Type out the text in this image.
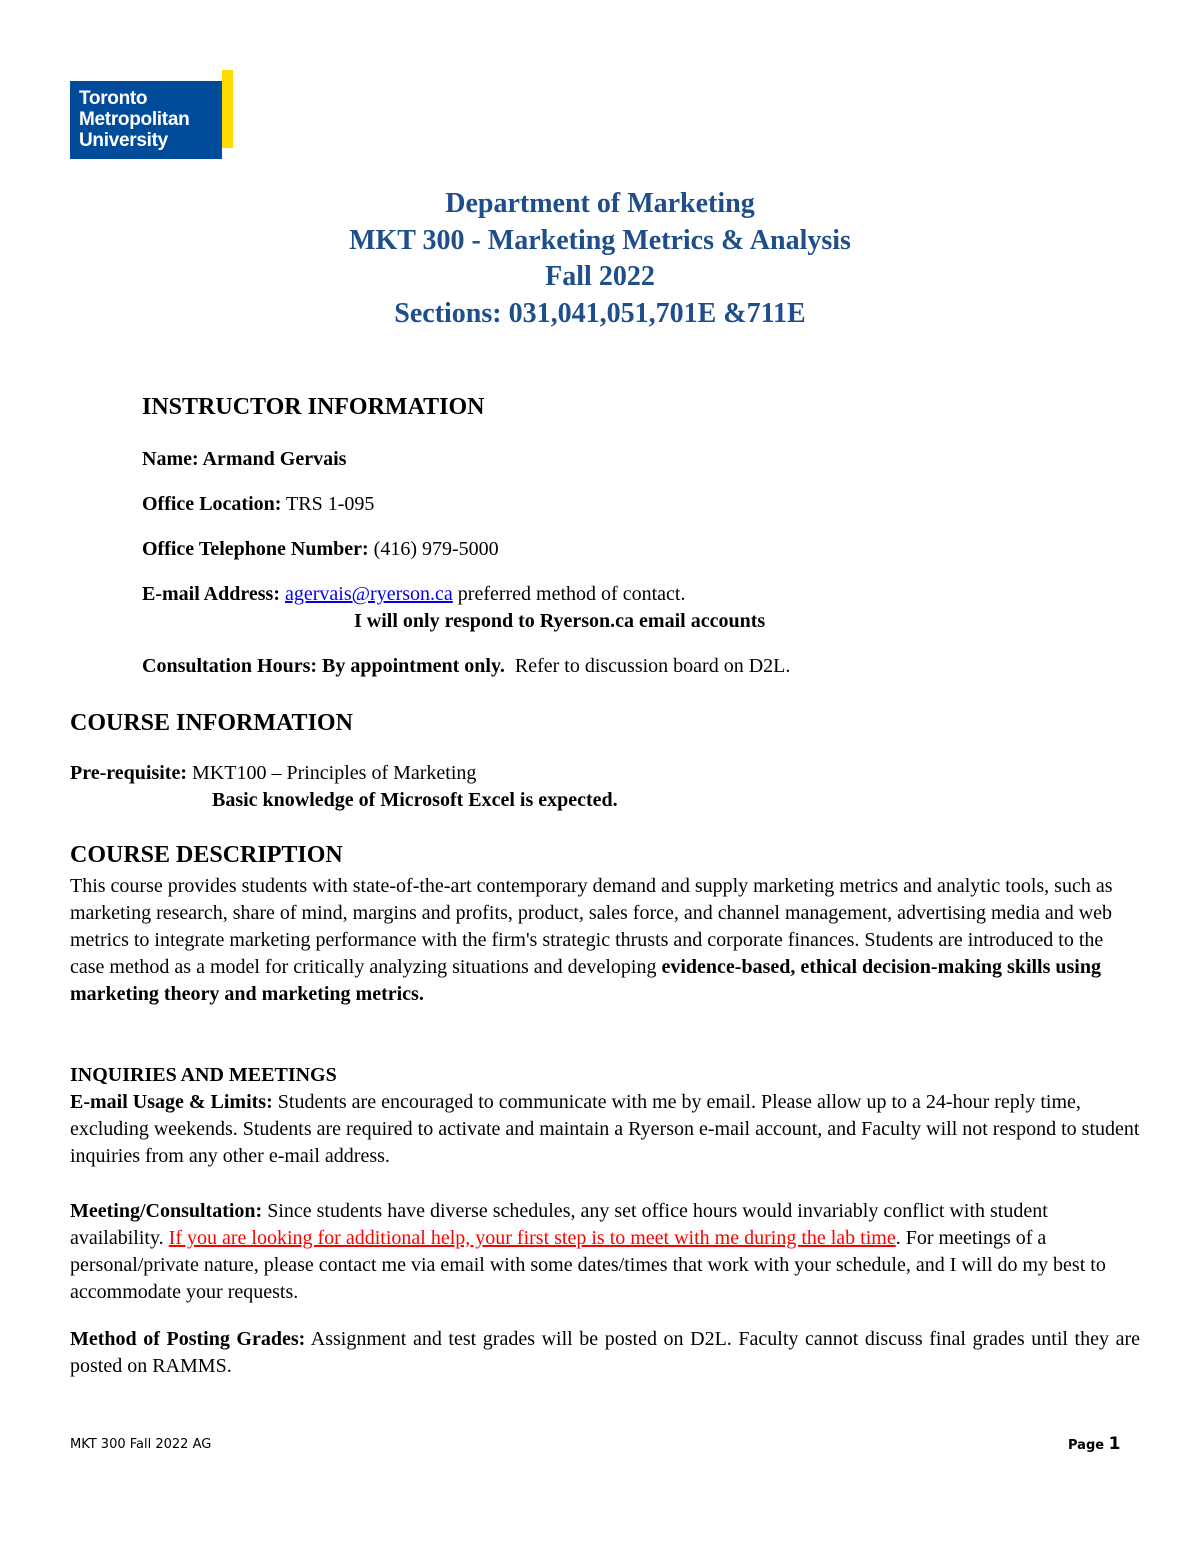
Toronto
Metropolitan
University
Department of Marketing
MKT 300 - Marketing Metrics & Analysis
Fall 2022
Sections: 031,041,051,701E &711E
INSTRUCTOR INFORMATION
Name: Armand Gervais
Office Location: TRS 1-095
Office Telephone Number: (416) 979-5000
E-mail Address: agervais@ryerson.ca preferred method of contact.
I will only respond to Ryerson.ca email accounts
Consultation Hours: By appointment only.  Refer to discussion board on D2L.
COURSE INFORMATION
Pre-requisite: MKT100 – Principles of Marketing
Basic knowledge of Microsoft Excel is expected.
COURSE DESCRIPTION

This course provides students with state-of-the-art contemporary demand and supply marketing metrics and analytic tools, such as marketing research, share of mind, margins and profits, product, sales force, and channel management, advertising media and web metrics to integrate marketing performance with the firm's strategic thrusts and corporate finances. Students are introduced to the case method as a model for critically analyzing situations and developing evidence-based, ethical decision-making skills using marketing theory and marketing metrics.

INQUIRIES AND MEETINGS

E-mail Usage & Limits: Students are encouraged to communicate with me by email. Please allow up to a 24-hour reply time, excluding weekends. Students are required to activate and maintain a Ryerson e-mail account, and Faculty will not respond to student inquiries from any other e-mail address.

Meeting/Consultation: Since students have diverse schedules, any set office hours would invariably conflict with student availability. If you are looking for additional help, your first step is to meet with me during the lab time. For meetings of a personal/private nature, please contact me via email with some dates/times that work with your schedule, and I will do my best to accommodate your requests.

Method of Posting Grades: Assignment and test grades will be posted on D2L. Faculty cannot discuss final grades until they are posted on RAMMS.

MKT 300 Fall 2022 AG	Page 1
